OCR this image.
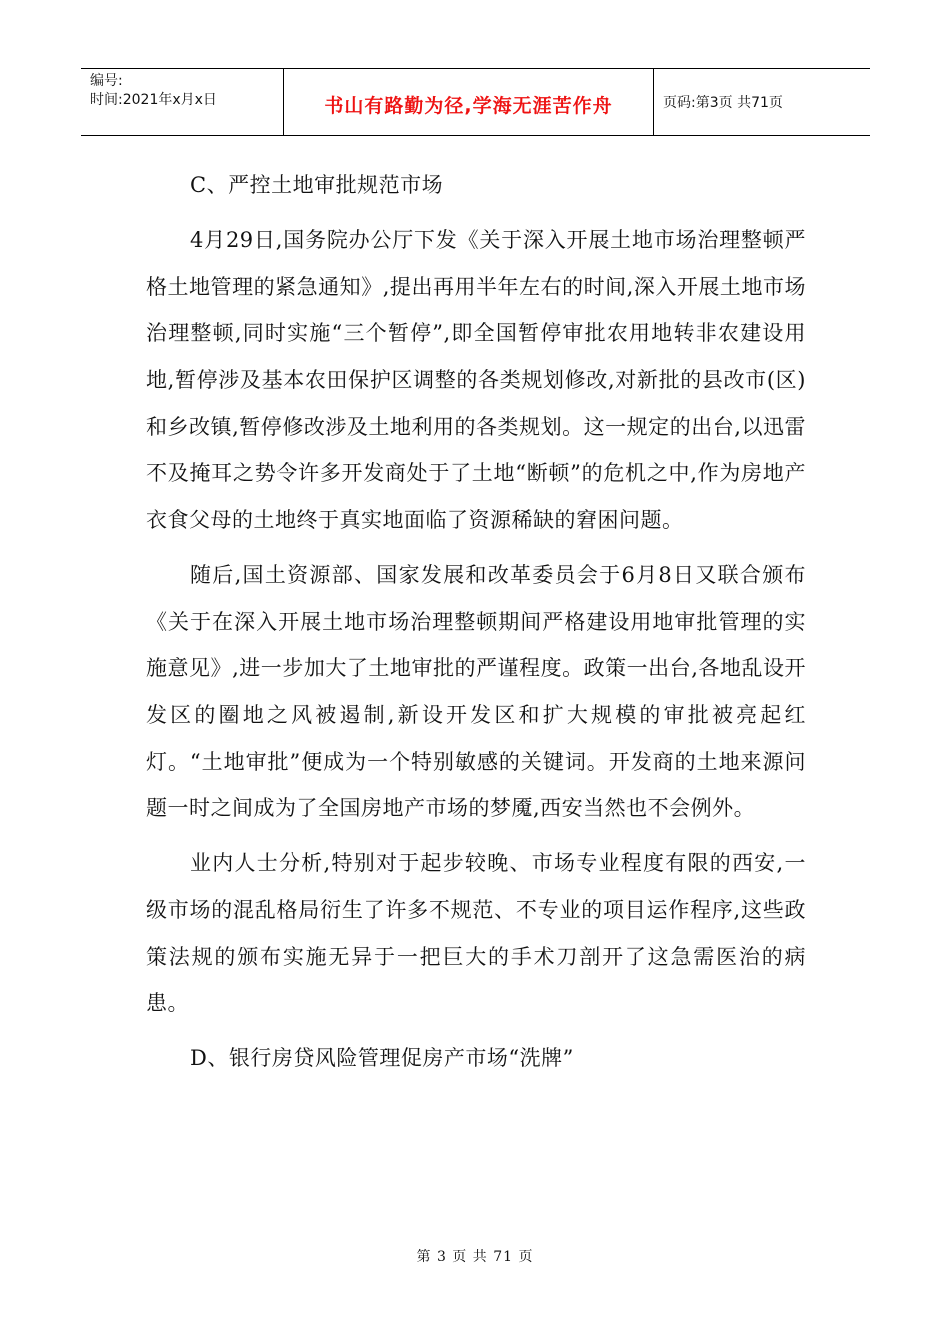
编号:
时间:2021年x月x日	书山有路勤为径,学海无涯苦作舟	页码:第3页 共71页

C、严控土地审批规范市场

4月29日,国务院办公厅下发《关于深入开展土地市场治理整顿严格土地管理的紧急通知》,提出再用半年左右的时间,深入开展土地市场治理整顿,同时实施“三个暂停”,即全国暂停审批农用地转非农建设用地,暂停涉及基本农田保护区调整的各类规划修改,对新批的县改市(区)和乡改镇,暂停修改涉及土地利用的各类规划。这一规定的出台,以迅雷不及掩耳之势令许多开发商处于了土地“断顿”的危机之中,作为房地产衣食父母的土地终于真实地面临了资源稀缺的窘困问题。

随后,国土资源部、国家发展和改革委员会于6月8日又联合颁布《关于在深入开展土地市场治理整顿期间严格建设用地审批管理的实施意见》,进一步加大了土地审批的严谨程度。政策一出台,各地乱设开发区的圈地之风被遏制,新设开发区和扩大规模的审批被亮起红灯。“土地审批”便成为一个特别敏感的关键词。开发商的土地来源问题一时之间成为了全国房地产市场的梦魇,西安当然也不会例外。

业内人士分析,特别对于起步较晚、市场专业程度有限的西安,一级市场的混乱格局衍生了许多不规范、不专业的项目运作程序,这些政策法规的颁布实施无异于一把巨大的手术刀剖开了这急需医治的病患。

D、银行房贷风险管理促房产市场“洗牌”

第 3 页 共 71 页
